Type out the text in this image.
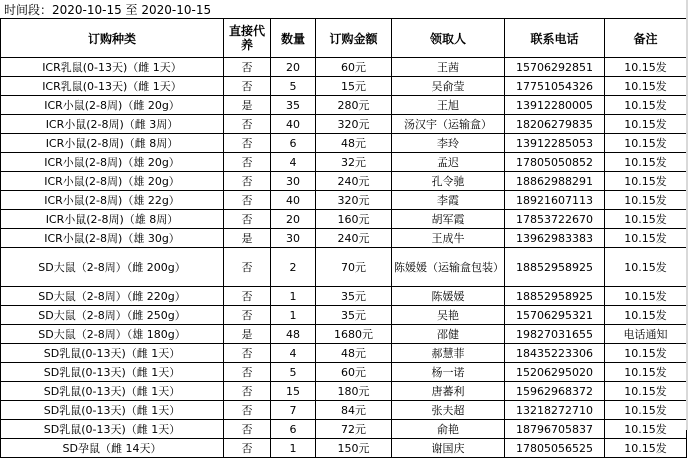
时间段：2020-10-15 至 2020-10-15
订购种类	直接代养	数量	订购金额	领取人	联系电话	备注
ICR乳鼠(0-13天)（雌 1天）	否	20	60元	王茜	15706292851	10.15发
ICR乳鼠(0-13天)（雌 1天）	否	5	15元	吴俞莹	17751054326	10.15发
ICR小鼠(2-8周)（雌 20g）	是	35	280元	王旭	13912280005	10.15发
ICR小鼠(2-8周)（雌 3周）	否	40	320元	汤汉宇（运输盒）	18206279835	10.15发
ICR小鼠(2-8周)（雌 8周）	否	6	48元	李玲	13912285053	10.15发
ICR小鼠(2-8周)（雄 20g）	否	4	32元	孟迟	17805050852	10.15发
ICR小鼠(2-8周)（雄 20g）	否	30	240元	孔令驰	18862988291	10.15发
ICR小鼠(2-8周)（雄 22g）	否	40	320元	李霞	18921607113	10.15发
ICR小鼠(2-8周)（雄 8周）	否	20	160元	胡军霞	17853722670	10.15发
ICR小鼠(2-8周)（雄 30g）	是	30	240元	王成牛	13962983383	10.15发
SD大鼠（2-8周）（雌 200g）	否	2	70元	陈媛媛（运输盒包装）	18852958925	10.15发
SD大鼠（2-8周）（雌 220g）	否	1	35元	陈媛媛	18852958925	10.15发
SD大鼠（2-8周）（雌 250g）	否	1	35元	吴艳	15706295321	10.15发
SD大鼠（2-8周）（雄 180g）	是	48	1680元	邵健	19827031655	电话通知
SD乳鼠(0-13天)（雌 1天）	否	4	48元	郝慧菲	18435223306	10.15发
SD乳鼠(0-13天)（雌 1天）	否	5	60元	杨一诺	15206295020	10.15发
SD乳鼠(0-13天)（雌 1天）	否	15	180元	唐蕃利	15962968372	10.15发
SD乳鼠(0-13天)（雌 1天）	否	7	84元	张夫超	13218272710	10.15发
SD乳鼠(0-13天)（雌 1天）	否	6	72元	俞艳	18796705837	10.15发
SD孕鼠（雌 14天）	否	1	150元	谢国庆	17805056525	10.15发
